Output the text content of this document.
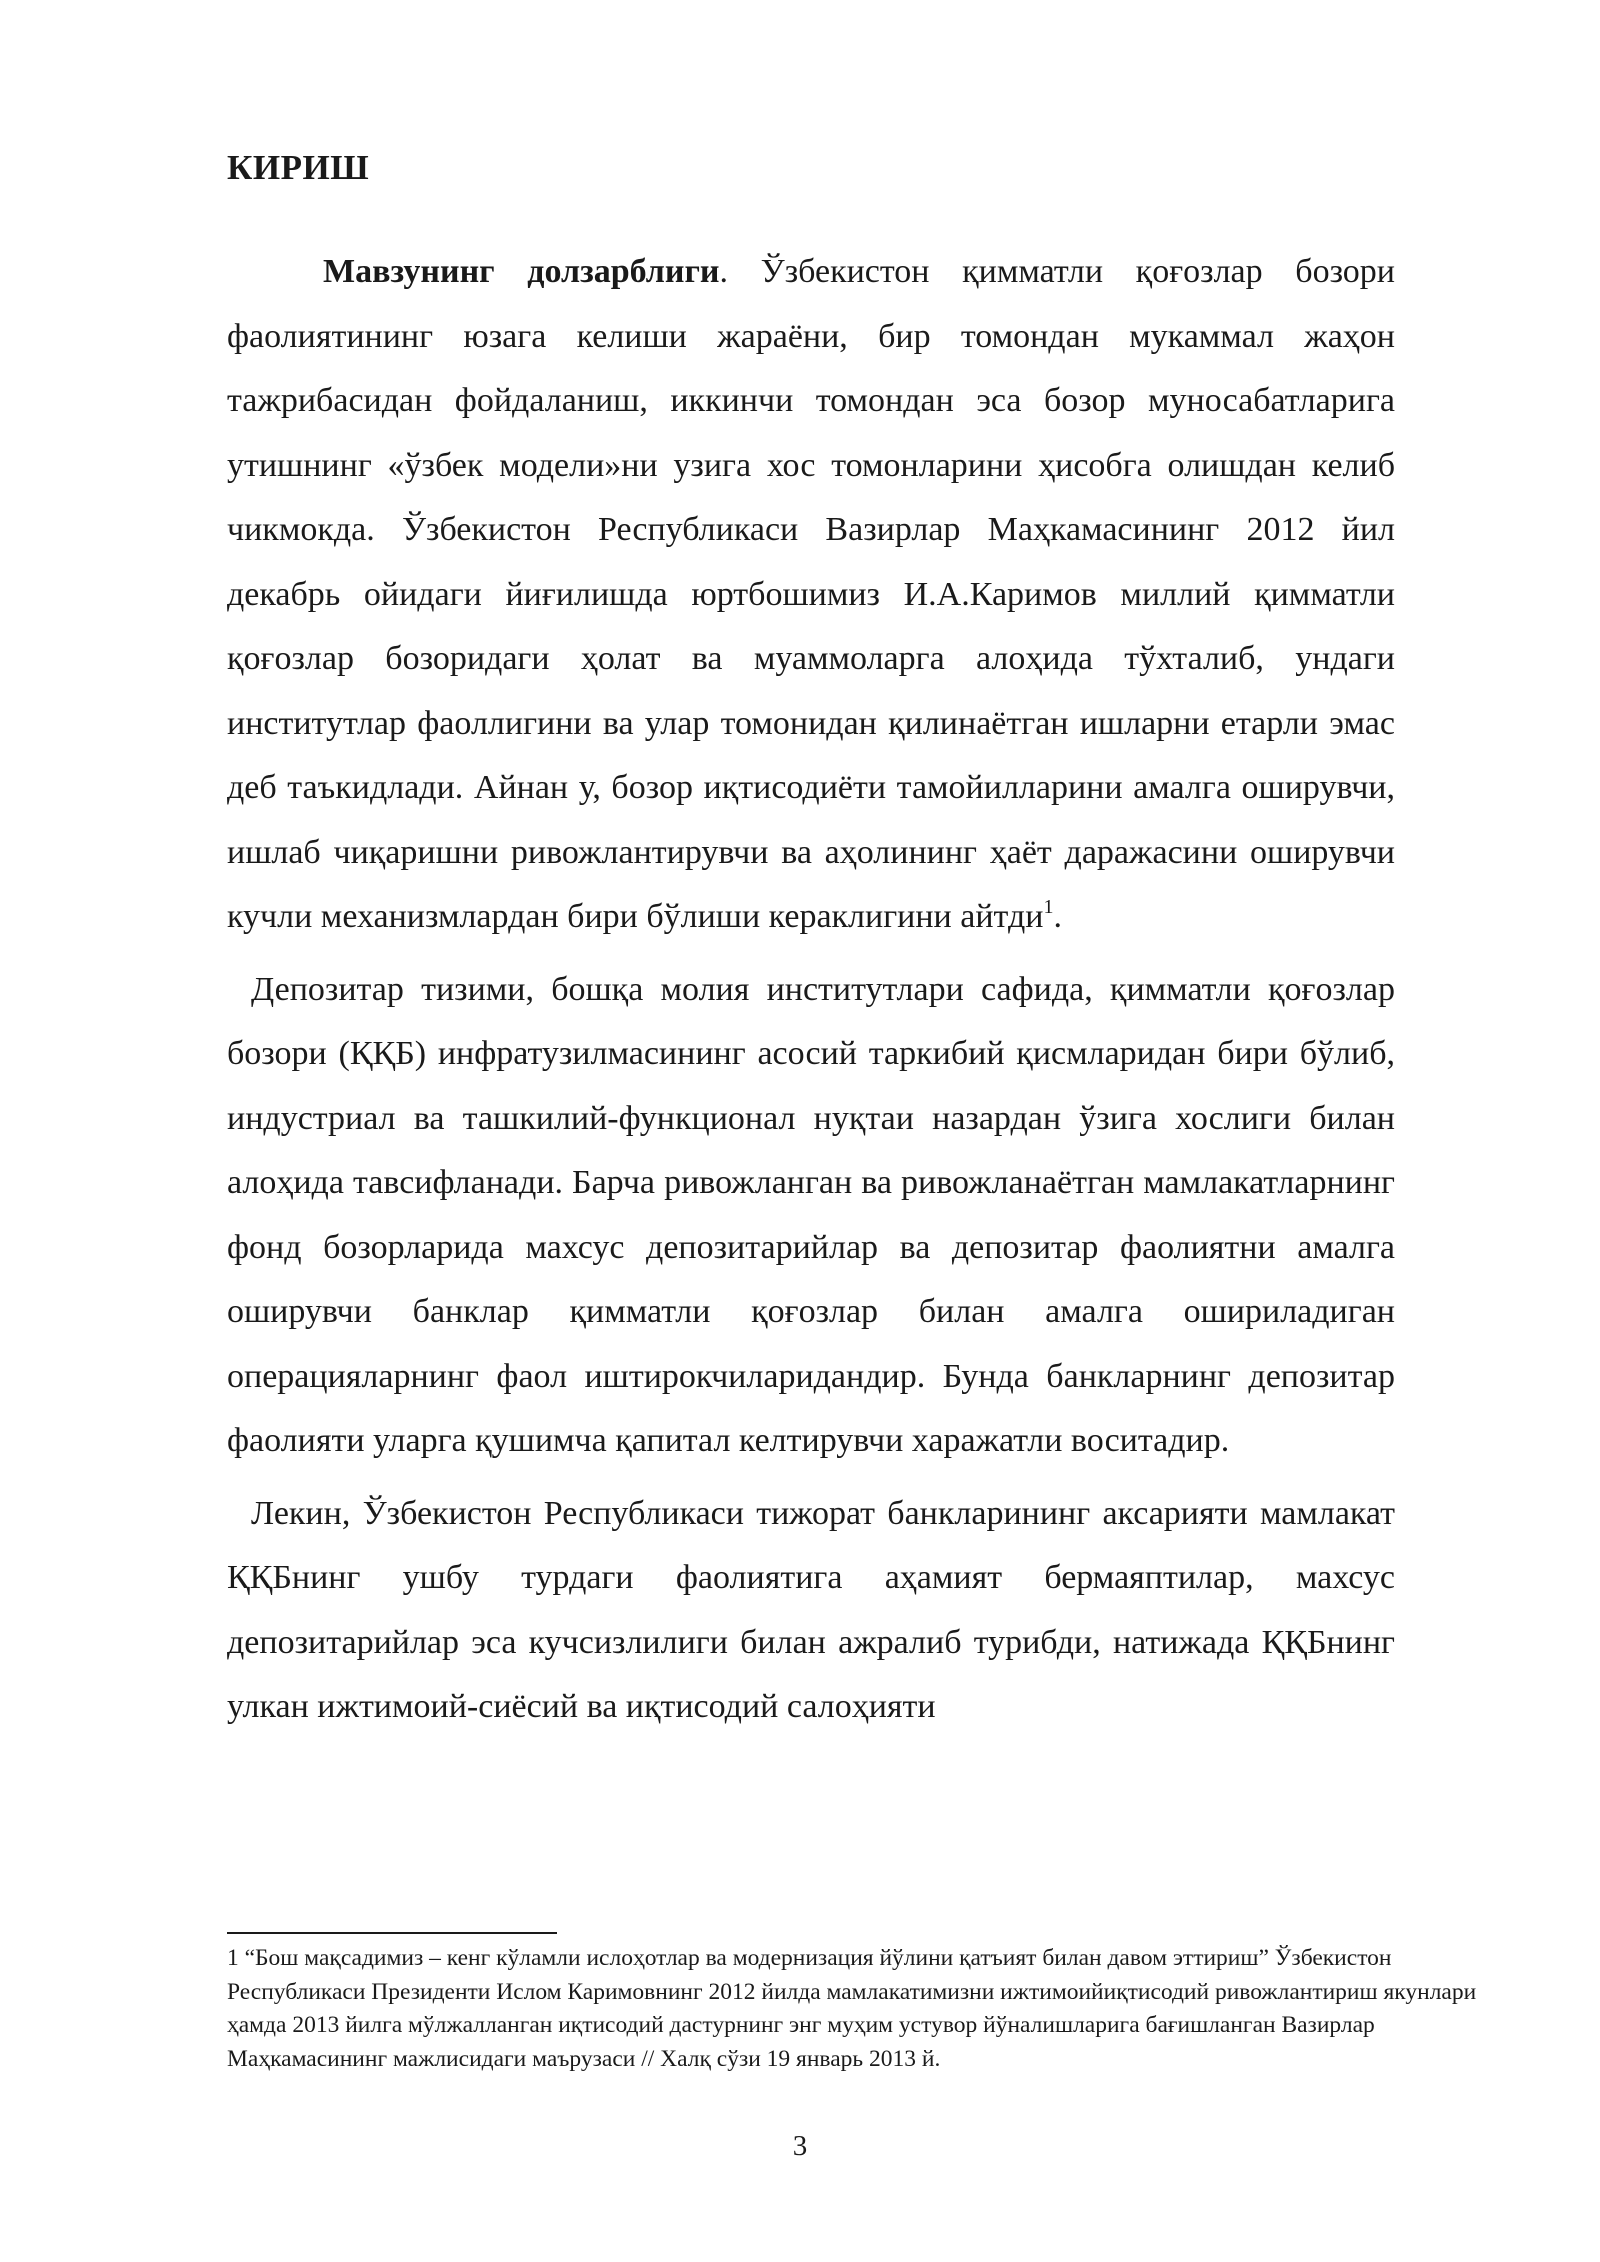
КИРИШ

Мавзунинг долзарблиги. Ўзбекистон қимматли қоғозлар бозори фаолиятининг юзага келиши жараёни, бир томондан мукаммал жаҳон тажрибасидан фойдаланиш, иккинчи томондан эса бозор муносабатларига утишнинг «ўзбек модели»ни узига хос томонларини ҳисобга олишдан келиб чикмокда. Ўзбекистон Республикаси Вазирлар Маҳкамасининг 2012 йил декабрь ойидаги йиғилишда юртбошимиз И.А.Каримов миллий қимматли қоғозлар бозоридаги ҳолат ва муаммоларга алоҳида тўхталиб, ундаги институтлар фаоллигини ва улар томонидан қилинаётган ишларни етарли эмас деб таъкидлади. Айнан у, бозор иқтисодиёти тамойилларини амалга оширувчи, ишлаб чиқаришни ривожлантирувчи ва аҳолининг ҳаёт даражасини оширувчи кучли механизмлардан бири бўлиши кераклигини айтди$^1$.

Депозитар тизими, бошқа молия институтлари сафида, қимматли қоғозлар бозори (ҚҚБ) инфратузилмасининг асосий таркибий қисмларидан бири бўлиб, индустриал ва ташкилий-функционал нуқтаи назардан ўзига хослиги билан алоҳида тавсифланади. Барча ривожланган ва ривожланаётган мамлакатларнинг фонд бозорларида махсус депозитарийлар ва депозитар фаолиятни амалга оширувчи банклар қимматли қоғозлар билан амалга ошириладиган операцияларнинг фаол иштирокчиларидандир. Бунда банкларнинг депозитар фаолияти уларга қушимча қапитал келтирувчи харажатли воситадир.

Лекин, Ўзбекистон Республикаси тижорат банкларининг аксарияти мамлакат ҚҚБнинг ушбу турдаги фаолиятига аҳамият бермаяптилар, махсус депозитарийлар эса кучсизлилиги билан ажралиб турибди, натижада ҚҚБнинг улкан ижтимоий-сиёсий ва иқтисодий салоҳияти

1 “Бош мақсадимиз – кенг кўламли ислоҳотлар ва модернизация йўлини қатъият билан давом эттириш” Ўзбекистон Республикаси Президенти Ислом Каримовнинг 2012 йилда мамлакатимизни ижтимоийиқтисодий ривожлантириш якунлари ҳамда 2013 йилга мўлжалланган иқтисодий дастурнинг энг муҳим устувор йўналишларига бағишланган Вазирлар Маҳкамасининг мажлисидаги маърузаси // Халқ сўзи 19 январь 2013 й.

3
